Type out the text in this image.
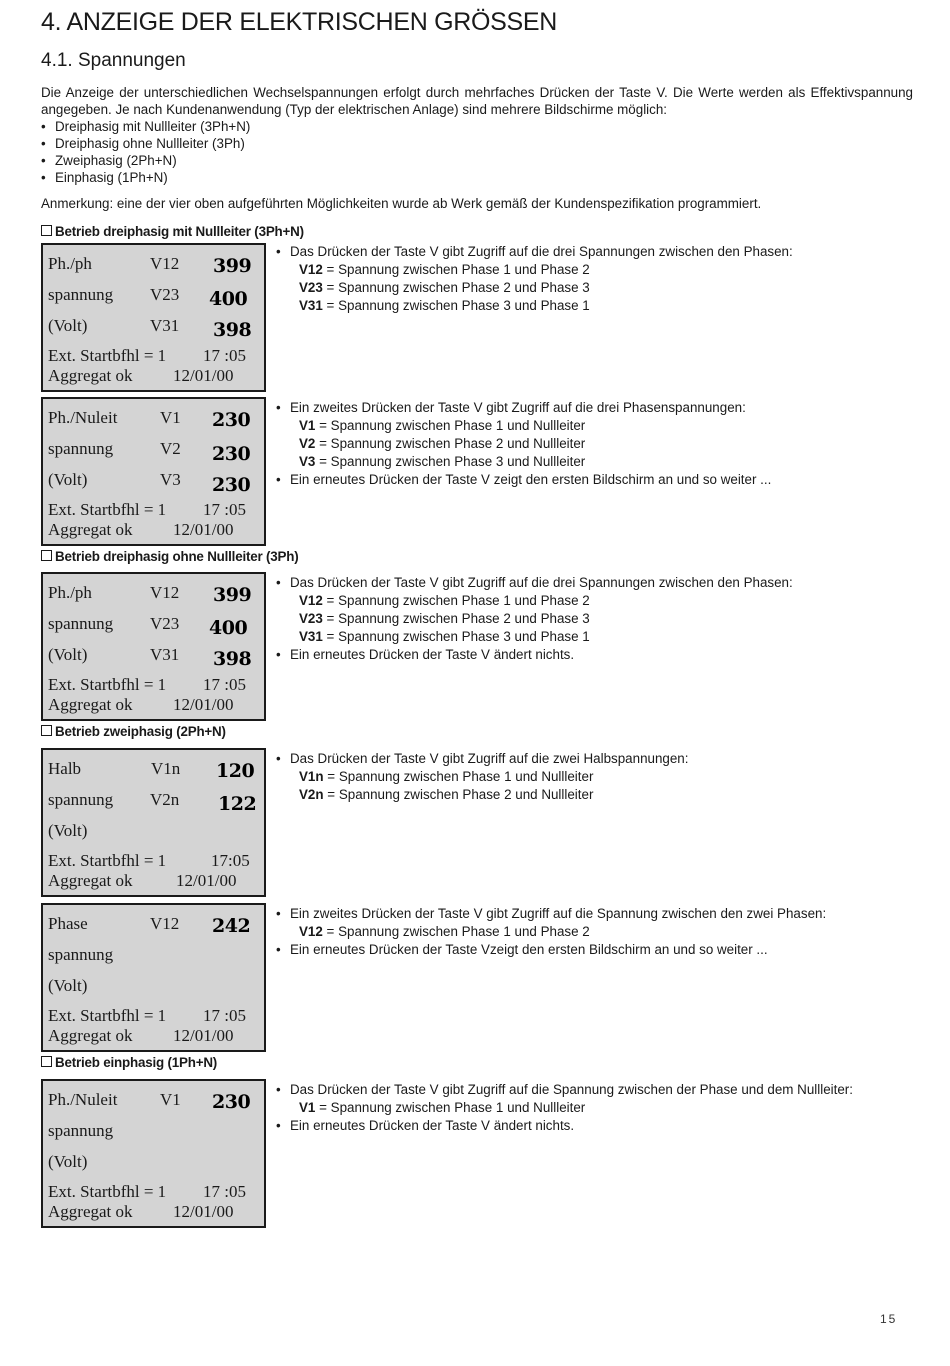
4. ANZEIGE DER ELEKTRISCHEN GRÖSSEN
4.1. Spannungen

Die Anzeige der unterschiedlichen Wechselspannungen erfolgt durch mehrfaches Drücken der Taste V. Die Werte werden als Effektivspannung angegeben. Je nach Kundenanwendung (Typ der elektrischen Anlage) sind mehrere Bildschirme möglich:

• Dreiphasig mit Nullleiter (3Ph+N)
• Dreiphasig ohne Nullleiter (3Ph)
• Zweiphasig (2Ph+N)
• Einphasig (1Ph+N)
Anmerkung: eine der vier oben aufgeführten Möglichkeiten wurde ab Werk gemäß der Kundenspezifikation programmiert.
Betrieb dreiphasig mit Nullleiter (3Ph+N)
Ph./ph	V12 399
spannung V23 400
(Volt)	V31 398
Ext. Startbfhl = 1 17 :05
Aggregat ok 12/01/00
• Das Drücken der Taste V gibt Zugriff auf die drei Spannungen zwischen den Phasen:
V12 = Spannung zwischen Phase 1 und Phase 2
V23 = Spannung zwischen Phase 2 und Phase 3
V31 = Spannung zwischen Phase 3 und Phase 1
Ph./Nuleit	V1 230
spannung	V2 230
(Volt)	V3 230
Ext. Startbfhl = 1 17 :05
Aggregat ok 12/01/00
• Ein zweites Drücken der Taste V gibt Zugriff auf die drei Phasenspannungen:
V1 = Spannung zwischen Phase 1 und Nullleiter
V2 = Spannung zwischen Phase 2 und Nullleiter
V3 = Spannung zwischen Phase 3 und Nullleiter
• Ein erneutes Drücken der Taste V zeigt den ersten Bildschirm an und so weiter ...
Betrieb dreiphasig ohne Nullleiter (3Ph)
Ph./ph	V12 399
spannung V23 400
(Volt)	V31 398
Ext. Startbfhl = 1 17 :05
Aggregat ok 12/01/00
• Das Drücken der Taste V gibt Zugriff auf die drei Spannungen zwischen den Phasen:
V12 = Spannung zwischen Phase 1 und Phase 2
V23 = Spannung zwischen Phase 2 und Phase 3
V31 = Spannung zwischen Phase 3 und Phase 1
• Ein erneutes Drücken der Taste V ändert nichts.
Betrieb zweiphasig (2Ph+N)
Halb	V1n 120
spannung V2n 122
(Volt)
Ext. Startbfhl = 1	17:05
Aggregat ok	12/01/00
• Das Drücken der Taste V gibt Zugriff auf die zwei Halbspannungen:
V1n = Spannung zwischen Phase 1 und Nullleiter
V2n = Spannung zwischen Phase 2 und Nullleiter
Phase	V12 242
spannung
(Volt)
Ext. Startbfhl = 1 17 :05
Aggregat ok 12/01/00
• Ein zweites Drücken der Taste V gibt Zugriff auf die Spannung zwischen den zwei Phasen:
V12 = Spannung zwischen Phase 1 und Phase 2
• Ein erneutes Drücken der Taste Vzeigt den ersten Bildschirm an und so weiter ...
Betrieb einphasig (1Ph+N)
Ph./Nuleit	V1 230
spannung
(Volt)
Ext. Startbfhl = 1 17 :05
Aggregat ok 12/01/00
• Das Drücken der Taste V gibt Zugriff auf die Spannung zwischen der Phase und dem Nullleiter:
V1 = Spannung zwischen Phase 1 und Nullleiter
• Ein erneutes Drücken der Taste V ändert nichts.
15
